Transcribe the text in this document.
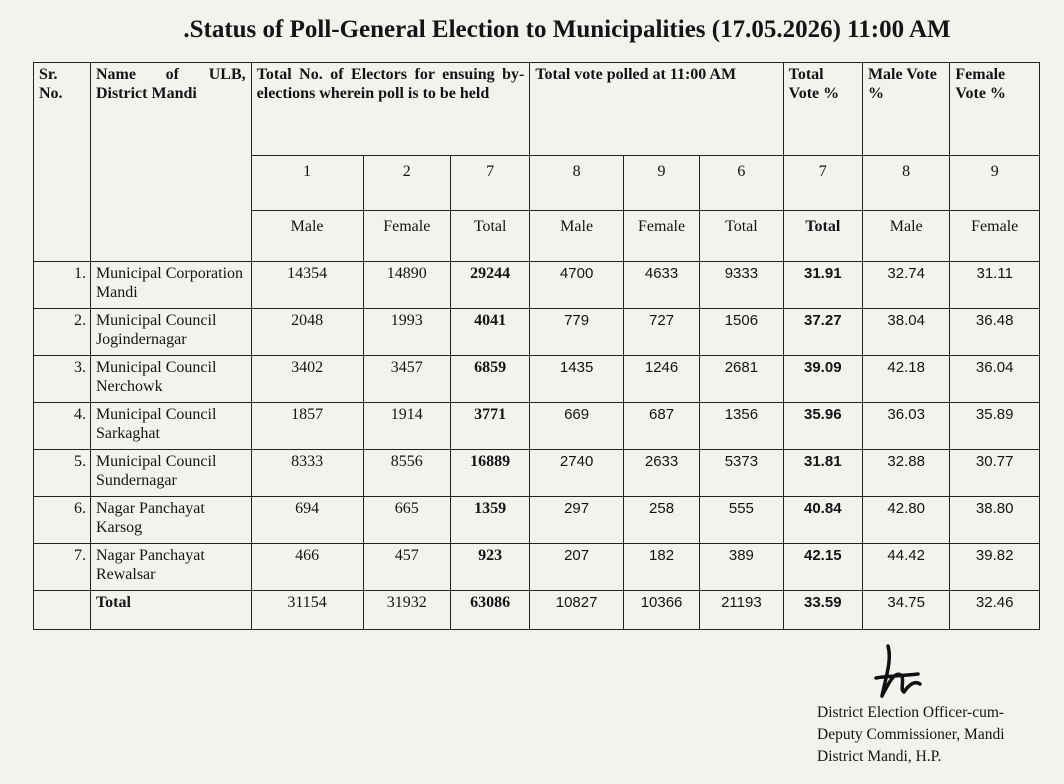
.Status of Poll-General Election to Municipalities (17.05.2026) 11:00 AM
Sr. No.	Name of ULB, District Mandi	Total No. of Electors for ensuing by-elections wherein poll is to be held			Total vote polled at 11:00 AM			Total Vote %	Male Vote %	Female Vote %
		1	2	7	8	9	6	7	8	9
		Male	Female	Total	Male	Female	Total	Total	Male	Female
1.	Municipal Corporation Mandi	14354	14890	29244	4700	4633	9333	31.91	32.74	31.11
2.	Municipal Council Jogindernagar	2048	1993	4041	779	727	1506	37.27	38.04	36.48
3.	Municipal Council Nerchowk	3402	3457	6859	1435	1246	2681	39.09	42.18	36.04
4.	Municipal Council Sarkaghat	1857	1914	3771	669	687	1356	35.96	36.03	35.89
5.	Municipal Council Sundernagar	8333	8556	16889	2740	2633	5373	31.81	32.88	30.77
6.	Nagar Panchayat Karsog	694	665	1359	297	258	555	40.84	42.80	38.80
7.	Nagar Panchayat Rewalsar	466	457	923	207	182	389	42.15	44.42	39.82
	Total	31154	31932	63086	10827	10366	21193	33.59	34.75	32.46
District Election Officer-cum-
Deputy Commissioner, Mandi
District Mandi, H.P.
